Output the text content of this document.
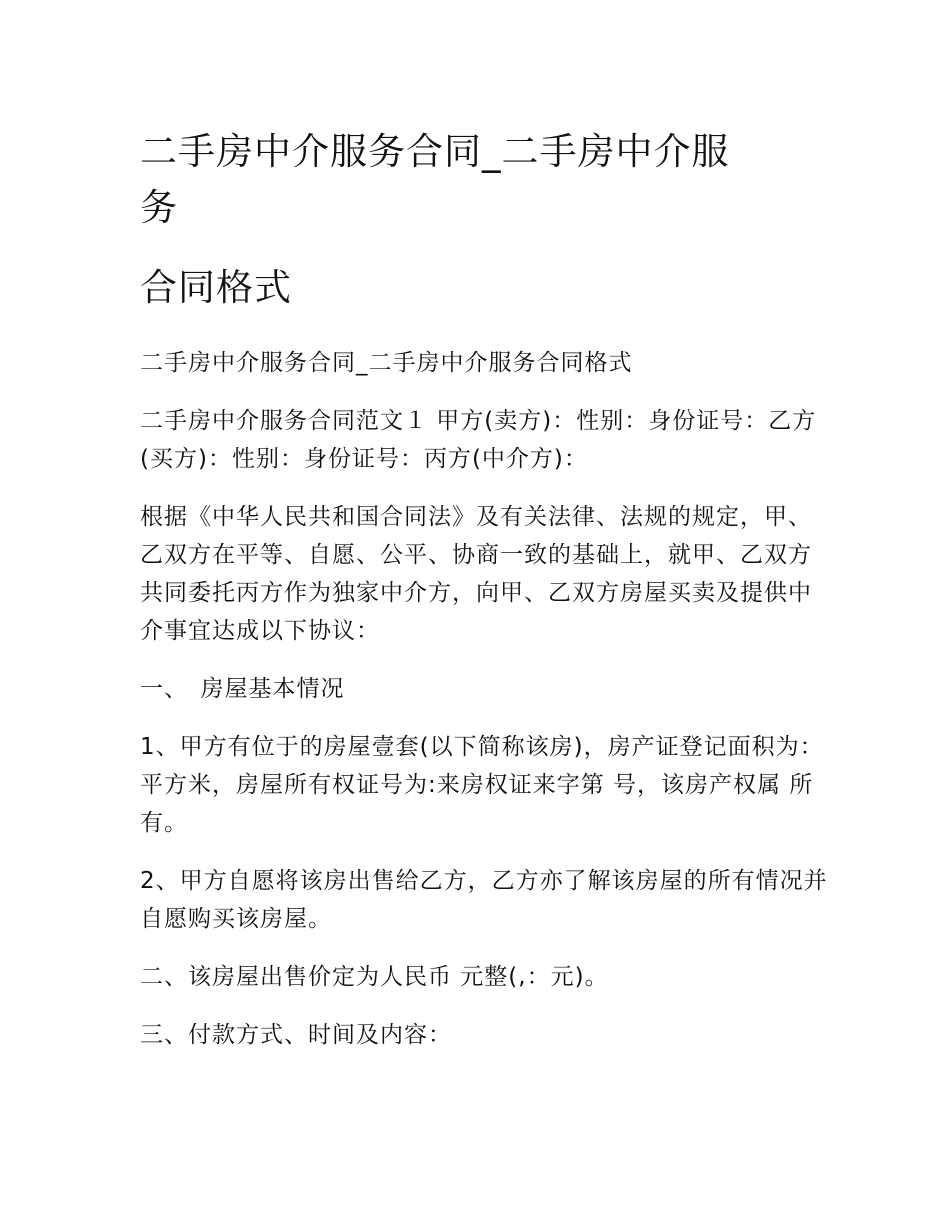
二手房中介服务合同_二手房中介服
务
合同格式

二手房中介服务合同_二手房中介服务合同格式

二手房中介服务合同范文１ 甲方(卖方)：性别：身份证号：乙方(买方)：性别：身份证号：丙方(中介方)：

根据《中华人民共和国合同法》及有关法律、法规的规定，甲、乙双方在平等、自愿、公平、协商一致的基础上，就甲、乙双方共同委托丙方作为独家中介方，向甲、乙双方房屋买卖及提供中介事宜达成以下协议：

一、　房屋基本情况

1、甲方有位于的房屋壹套(以下简称该房)，房产证登记面积为：平方米，房屋所有权证号为:来房权证来字第 号，该房产权属 所有。

2、甲方自愿将该房出售给乙方，乙方亦了解该房屋的所有情况并自愿购买该房屋。

二、该房屋出售价定为人民币 元整(,：元)。

三、付款方式、时间及内容：
